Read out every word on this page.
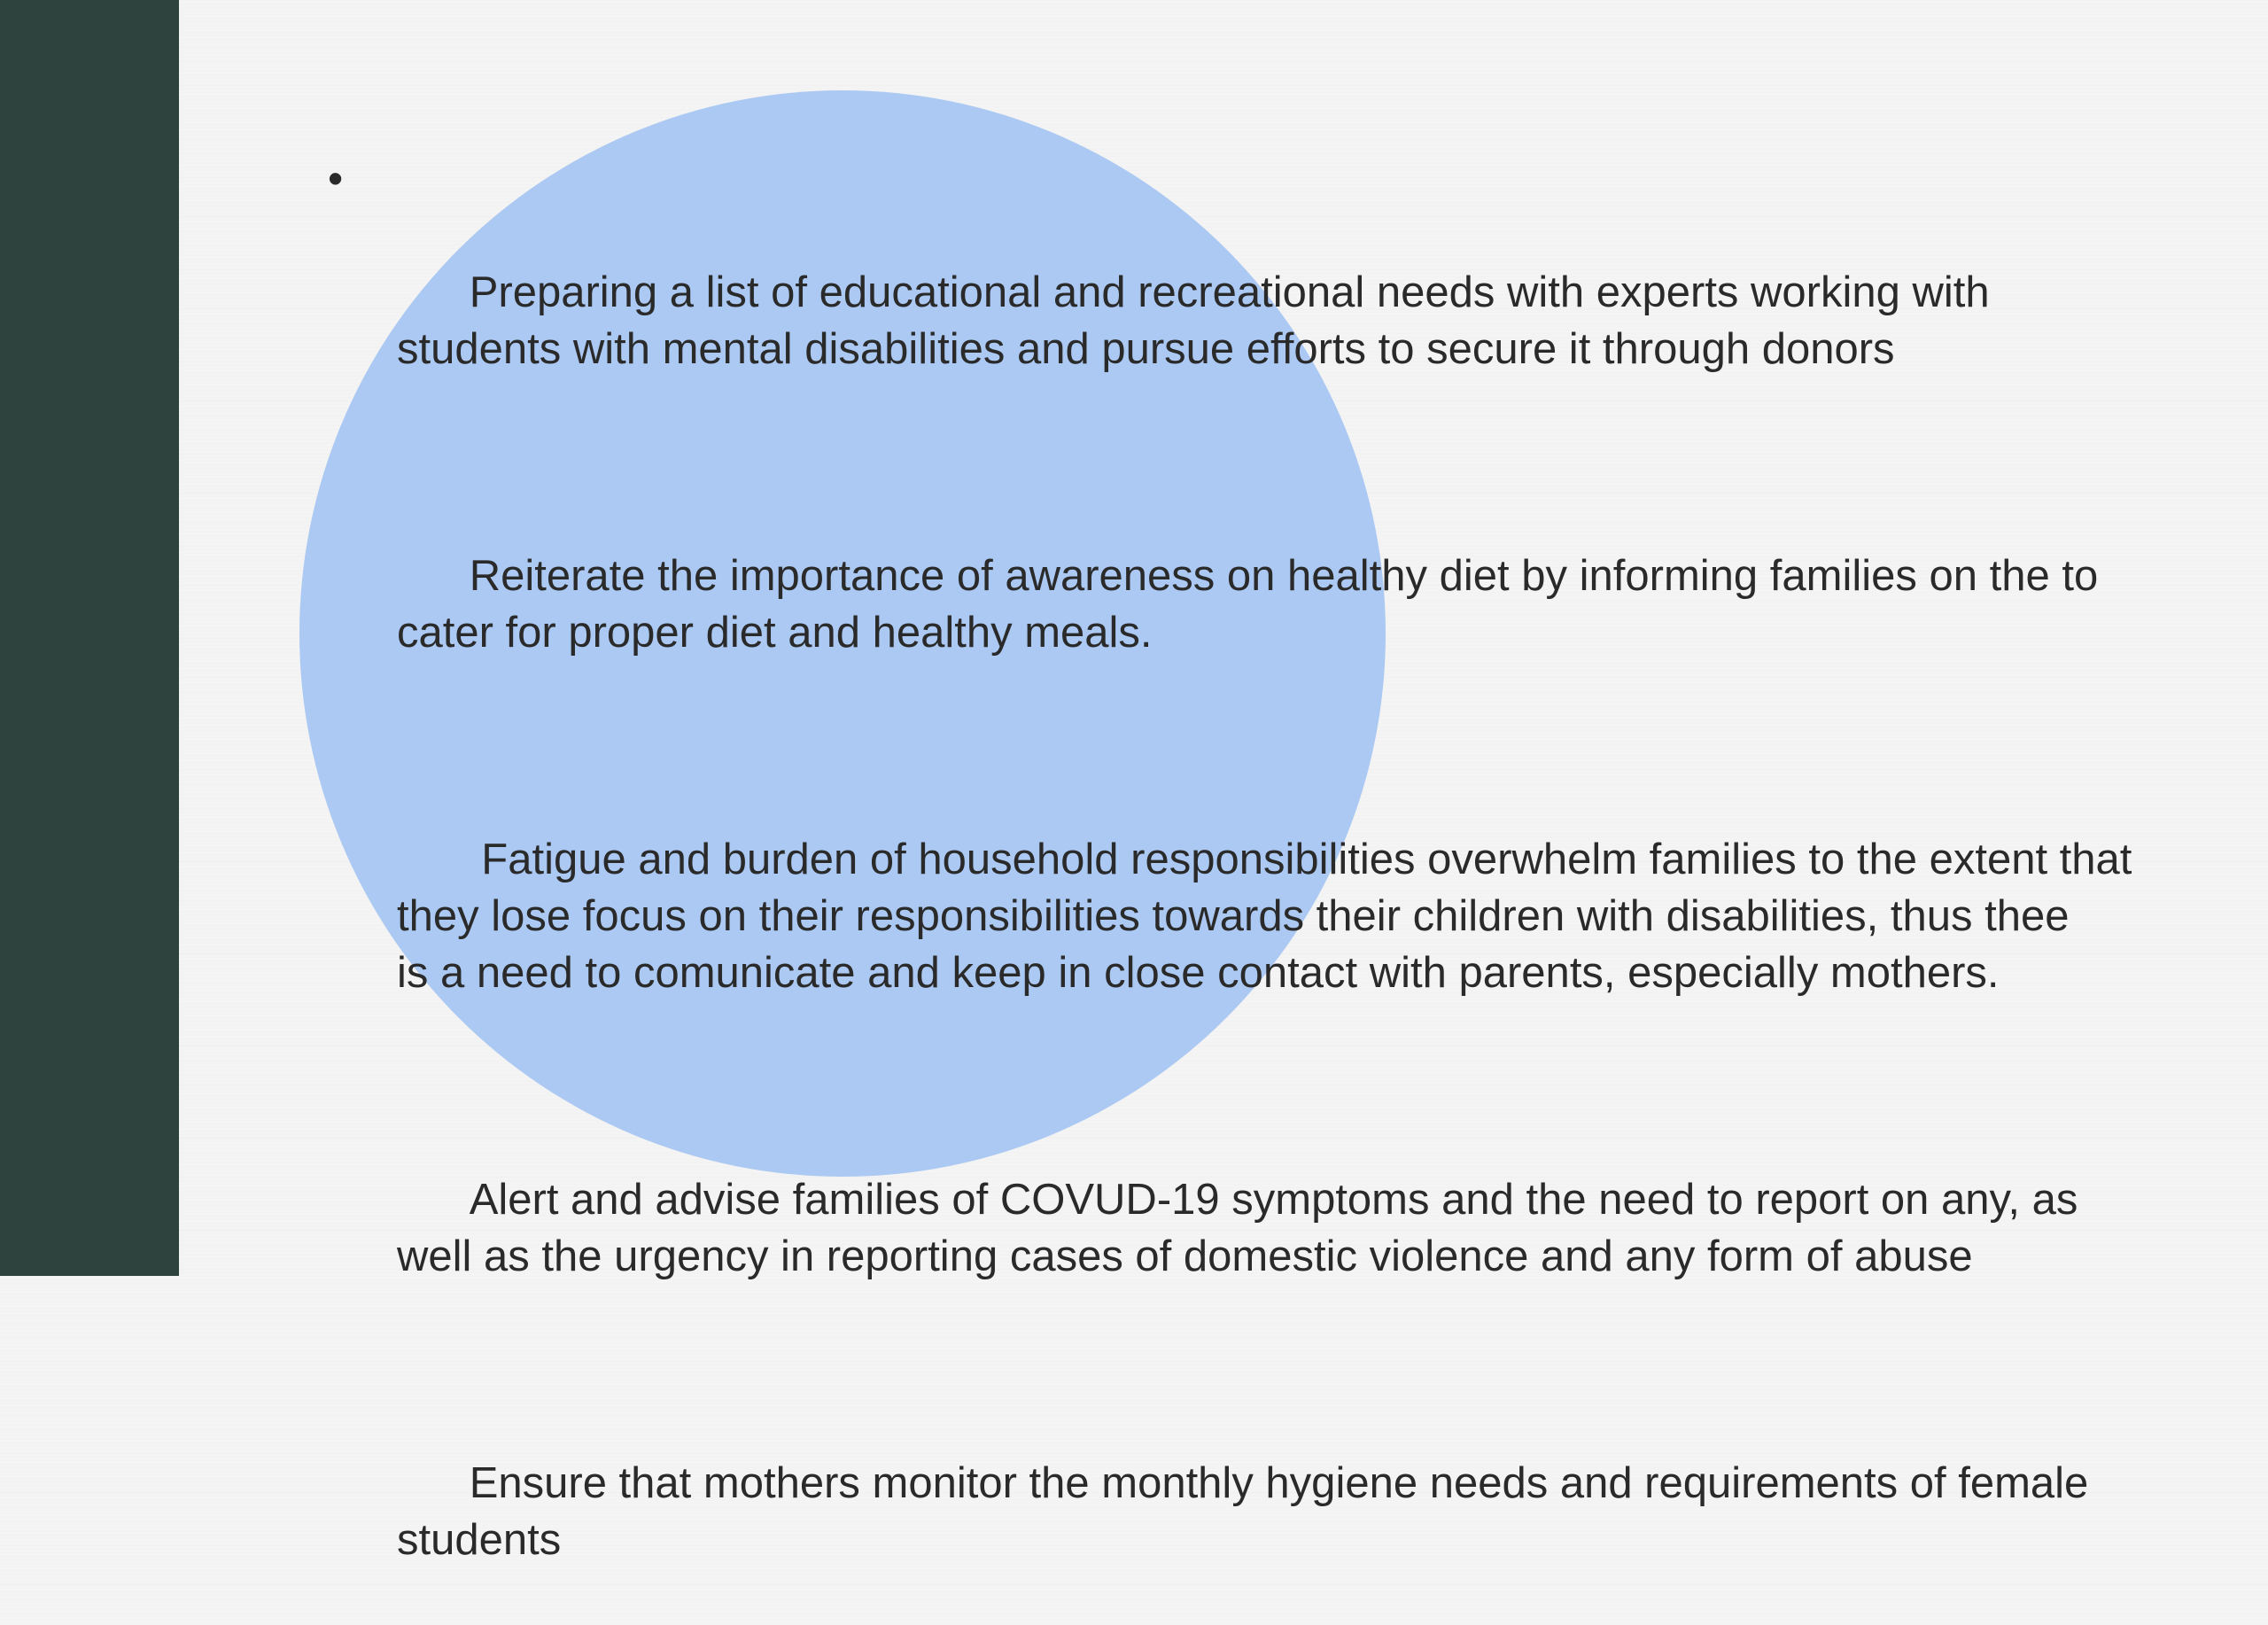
•

Preparing a list of educational and recreational needs with experts working with
students with mental disabilities and pursue efforts to secure it through donors

Reiterate the importance of awareness on healthy diet by informing families on the to
cater for proper diet and healthy meals.

Fatigue and burden of household responsibilities overwhelm families to the extent that
they lose focus on their responsibilities towards their children with disabilities, thus thee
is a need to comunicate and keep in close contact with parents, especially mothers.

Alert and advise families of COVUD-19 symptoms and the need to report on any, as
well as the urgency in reporting cases of domestic violence and any form of abuse

Ensure that mothers monitor the monthly hygiene needs and requirements of female
students
